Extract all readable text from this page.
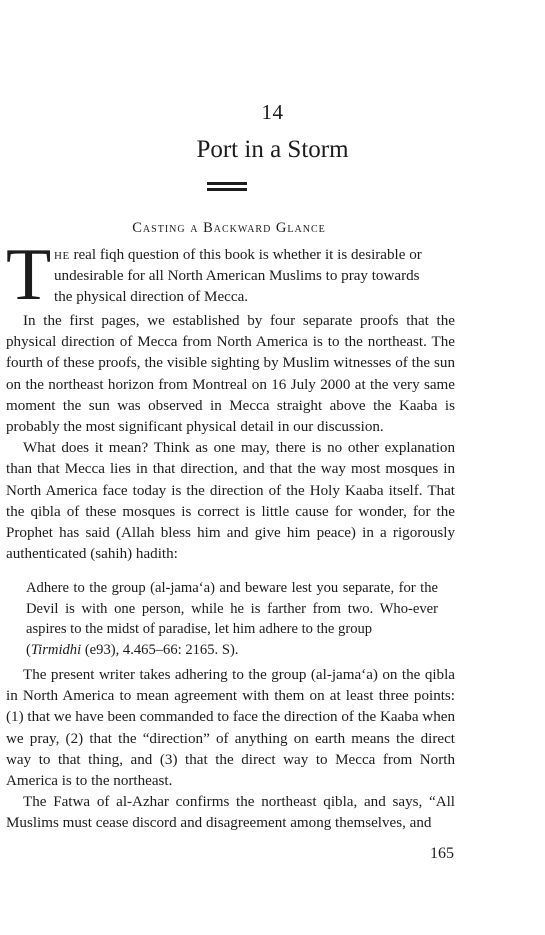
14
Port in a Storm
Casting a Backward Glance
T he real fiqh question of this book is whether it is desirable or
undesirable for all North American Muslims to pray towards
the physical direction of Mecca.

In the first pages, we established by four separate proofs that the physical direction of Mecca from North America is to the northeast. The fourth of these proofs, the visible sighting by Muslim witnesses of the sun on the northeast horizon from Montreal on 16 July 2000 at the very same moment the sun was observed in Mecca straight above the Kaaba is probably the most significant physical detail in our discussion.

What does it mean? Think as one may, there is no other explanation than that Mecca lies in that direction, and that the way most mosques in North America face today is the direction of the Holy Kaaba itself. That the qibla of these mosques is correct is little cause for wonder, for the Prophet has said (Allah bless him and give him peace) in a rigorously authenticated (sahih) hadith:

Adhere to the group (al-jama‘a) and beware lest you separate, for the Devil is with one person, while he is farther from two. Who-ever aspires to the midst of paradise, let him adhere to the group
(Tirmidhi (e93), 4.465–66: 2165. S).

The present writer takes adhering to the group (al-jama‘a) on the qibla in North America to mean agreement with them on at least three points: (1) that we have been commanded to face the direction of the Kaaba when we pray, (2) that the “direction” of anything on earth means the direct way to that thing, and (3) that the direct way to Mecca from North America is to the northeast.

The Fatwa of al-Azhar confirms the northeast qibla, and says, “All Muslims must cease discord and disagreement among themselves, and

165
